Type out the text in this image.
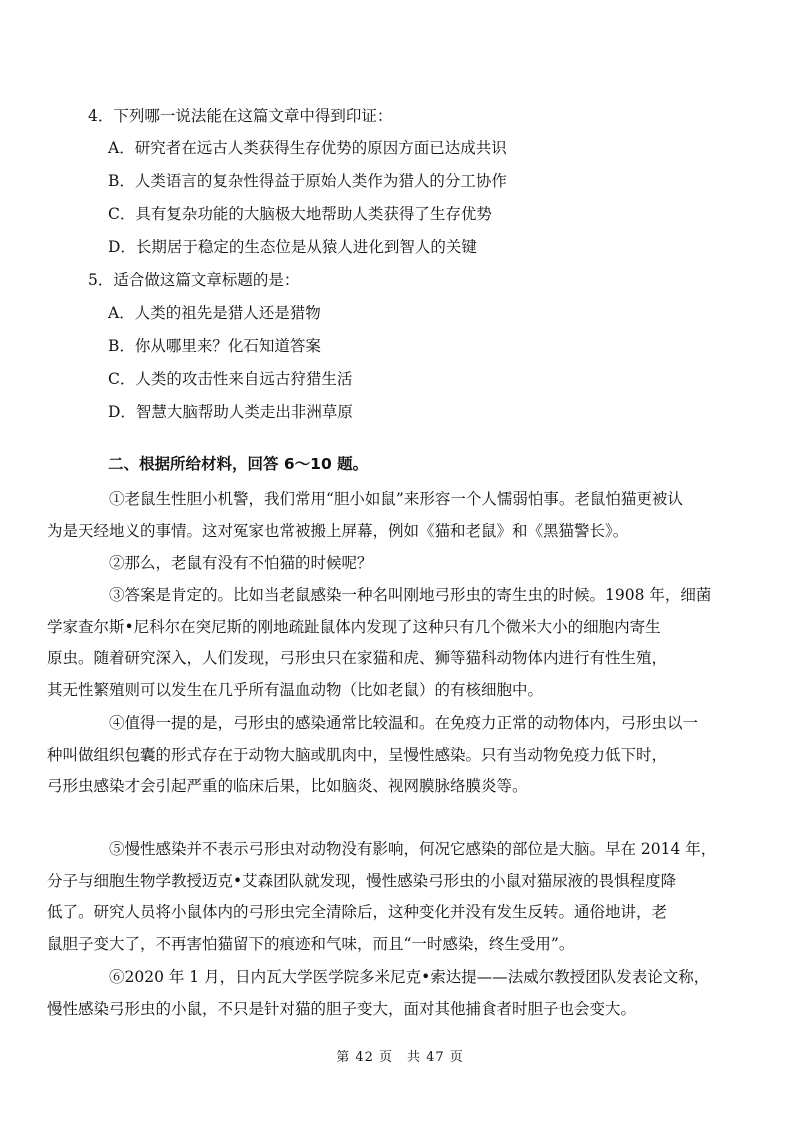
4．下列哪一说法能在这篇文章中得到印证：
A．研究者在远古人类获得生存优势的原因方面已达成共识
B．人类语言的复杂性得益于原始人类作为猎人的分工协作
C．具有复杂功能的大脑极大地帮助人类获得了生存优势
D．长期居于稳定的生态位是从猿人进化到智人的关键
5．适合做这篇文章标题的是：
A．人类的祖先是猎人还是猎物
B．你从哪里来？化石知道答案
C．人类的攻击性来自远古狩猎生活
D．智慧大脑帮助人类走出非洲草原
二、根据所给材料，回答 6～10 题。
①老鼠生性胆小机警，我们常用“胆小如鼠”来形容一个人懦弱怕事。老鼠怕猫更被认
为是天经地义的事情。这对冤家也常被搬上屏幕，例如《猫和老鼠》和《黑猫警长》。
②那么，老鼠有没有不怕猫的时候呢？
③答案是肯定的。比如当老鼠感染一种名叫刚地弓形虫的寄生虫的时候。1908 年，细菌
学家查尔斯•尼科尔在突尼斯的刚地疏趾鼠体内发现了这种只有几个微米大小的细胞内寄生
原虫。随着研究深入，人们发现，弓形虫只在家猫和虎、狮等猫科动物体内进行有性生殖，
其无性繁殖则可以发生在几乎所有温血动物（比如老鼠）的有核细胞中。
④值得一提的是，弓形虫的感染通常比较温和。在免疫力正常的动物体内，弓形虫以一
种叫做组织包囊的形式存在于动物大脑或肌肉中，呈慢性感染。只有当动物免疫力低下时，
弓形虫感染才会引起严重的临床后果，比如脑炎、视网膜脉络膜炎等。
⑤慢性感染并不表示弓形虫对动物没有影响，何况它感染的部位是大脑。早在 2014 年，
分子与细胞生物学教授迈克•艾森团队就发现，慢性感染弓形虫的小鼠对猫尿液的畏惧程度降
低了。研究人员将小鼠体内的弓形虫完全清除后，这种变化并没有发生反转。通俗地讲，老
鼠胆子变大了，不再害怕猫留下的痕迹和气味，而且“一时感染，终生受用”。
⑥2020 年 1 月，日内瓦大学医学院多米尼克•索达提——法威尔教授团队发表论文称，
慢性感染弓形虫的小鼠，不只是针对猫的胆子变大，面对其他捕食者时胆子也会变大。
第 42 页　共 47 页
